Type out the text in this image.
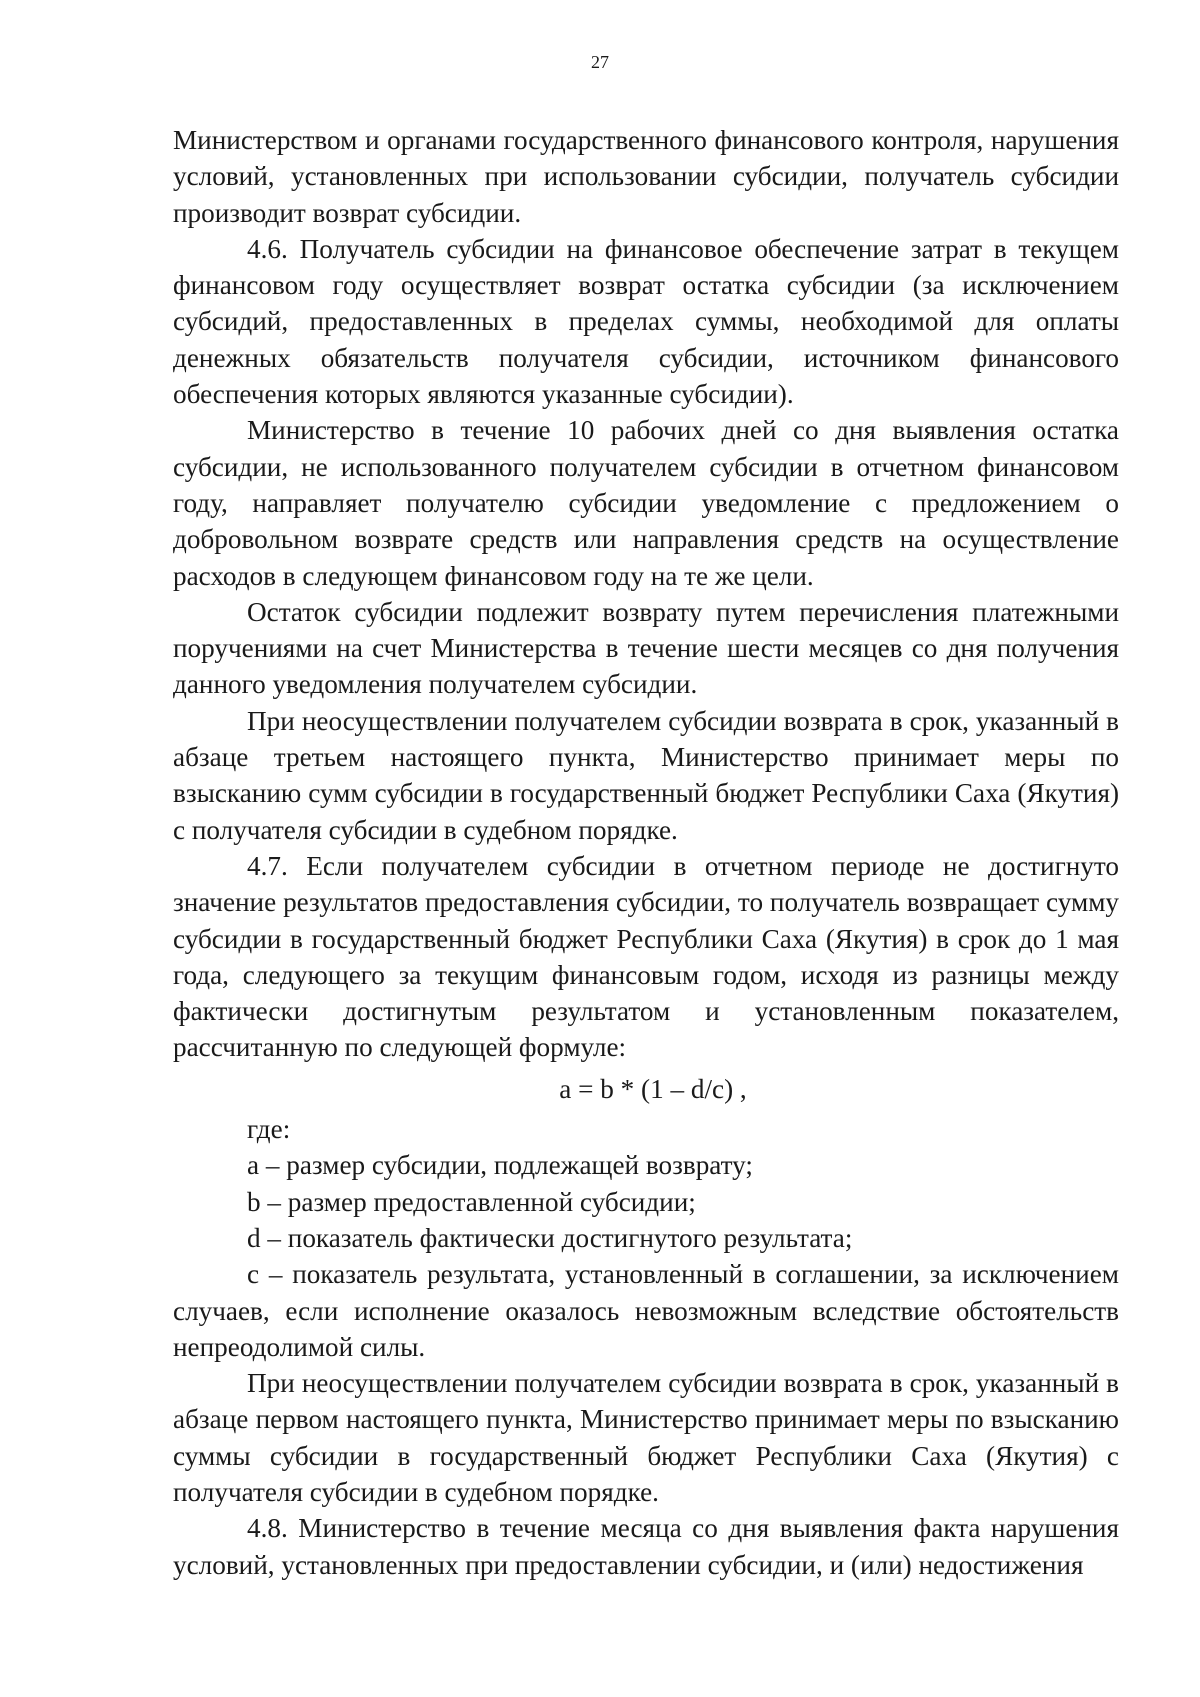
27

Министерством и органами государственного финансового контроля, нарушения условий, установленных при использовании субсидии, получатель субсидии производит возврат субсидии.

4.6. Получатель субсидии на финансовое обеспечение затрат в текущем финансовом году осуществляет возврат остатка субсидии (за исключением субсидий, предоставленных в пределах суммы, необходимой для оплаты денежных обязательств получателя субсидии, источником финансового обеспечения которых являются указанные субсидии).

Министерство в течение 10 рабочих дней со дня выявления остатка субсидии, не использованного получателем субсидии в отчетном финансовом году, направляет получателю субсидии уведомление с предложением о добровольном возврате средств или направления средств на осуществление расходов в следующем финансовом году на те же цели.

Остаток субсидии подлежит возврату путем перечисления платежными поручениями на счет Министерства в течение шести месяцев со дня получения данного уведомления получателем субсидии.

При неосуществлении получателем субсидии возврата в срок, указанный в абзаце третьем настоящего пункта, Министерство принимает меры по взысканию сумм субсидии в государственный бюджет Республики Саха (Якутия) с получателя субсидии в судебном порядке.

4.7. Если получателем субсидии в отчетном периоде не достигнуто значение результатов предоставления субсидии, то получатель возвращает сумму субсидии в государственный бюджет Республики Саха (Якутия) в срок до 1 мая года, следующего за текущим финансовым годом, исходя из разницы между фактически достигнутым результатом и установленным показателем, рассчитанную по следующей формуле:

a = b * (1 – d/c) ,

где:

a – размер субсидии, подлежащей возврату;

b – размер предоставленной субсидии;

d – показатель фактически достигнутого результата;

c – показатель результата, установленный в соглашении, за исключением случаев, если исполнение оказалось невозможным вследствие обстоятельств непреодолимой силы.

При неосуществлении получателем субсидии возврата в срок, указанный в абзаце первом настоящего пункта, Министерство принимает меры по взысканию суммы субсидии в государственный бюджет Республики Саха (Якутия) с получателя субсидии в судебном порядке.

4.8. Министерство в течение месяца со дня выявления факта нарушения условий, установленных при предоставлении субсидии, и (или) недостижения
